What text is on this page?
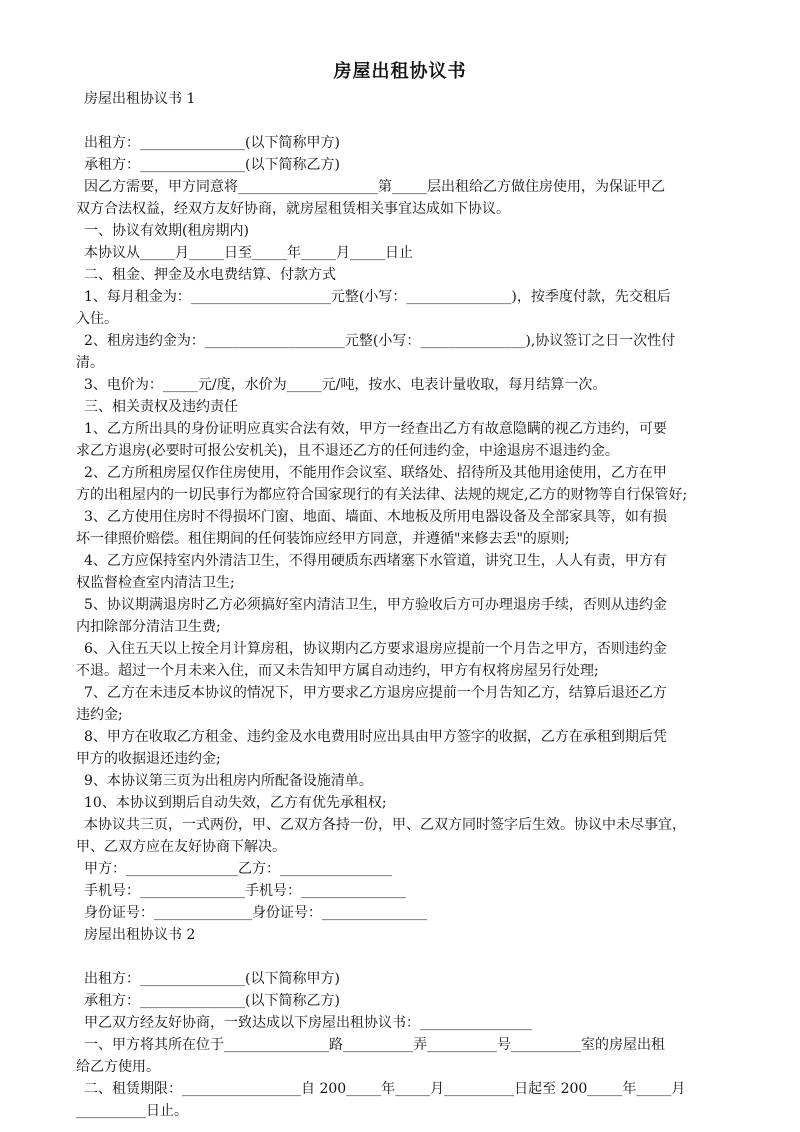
房屋出租协议书
房屋出租协议书 1
出租方：_______________(以下简称甲方)
承租方：_______________(以下简称乙方)
因乙方需要，甲方同意将____________________第_____层出租给乙方做住房使用，为保证甲乙
双方合法权益，经双方友好协商，就房屋租赁相关事宜达成如下协议。
一、协议有效期(租房期内)
本协议从_____月_____日至_____年_____月_____日止
二、租金、押金及水电费结算、付款方式
1、每月租金为：____________________元整(小写：_______________)，按季度付款，先交租后
入住。
2、租房违约金为：____________________元整(小写：_______________),协议签订之日一次性付
清。
3、电价为：_____元/度，水价为_____元/吨，按水、电表计量收取，每月结算一次。
三、相关责权及违约责任
1、乙方所出具的身份证明应真实合法有效，甲方一经查出乙方有故意隐瞒的视乙方违约，可要
求乙方退房(必要时可报公安机关)，且不退还乙方的任何违约金，中途退房不退违约金。
2、乙方所租房屋仅作住房使用，不能用作会议室、联络处、招待所及其他用途使用，乙方在甲
方的出租屋内的一切民事行为都应符合国家现行的有关法律、法规的规定,乙方的财物等自行保管好;
3、乙方使用住房时不得损坏门窗、地面、墙面、木地板及所用电器设备及全部家具等，如有损
坏一律照价赔偿。租住期间的任何装饰应经甲方同意，并遵循"来修去丢"的原则;
4、乙方应保持室内外清洁卫生，不得用硬质东西堵塞下水管道，讲究卫生，人人有责，甲方有
权监督检查室内清洁卫生;
5、协议期满退房时乙方必须搞好室内清洁卫生，甲方验收后方可办理退房手续，否则从违约金
内扣除部分清洁卫生费;
6、入住五天以上按全月计算房租，协议期内乙方要求退房应提前一个月告之甲方，否则违约金
不退。超过一个月未来入住，而又未告知甲方属自动违约，甲方有权将房屋另行处理;
7、乙方在未违反本协议的情况下，甲方要求乙方退房应提前一个月告知乙方，结算后退还乙方
违约金;
8、甲方在收取乙方租金、违约金及水电费用时应出具由甲方签字的收据，乙方在承租到期后凭
甲方的收据退还违约金;
9、本协议第三页为出租房内所配备设施清单。
10、本协议到期后自动失效，乙方有优先承租权;
本协议共三页，一式两份，甲、乙双方各持一份，甲、乙双方同时签字后生效。协议中未尽事宜，
甲、乙双方应在友好协商下解决。
甲方：________________乙方：________________
手机号：_______________手机号：_______________
身份证号：______________身份证号：_______________
房屋出租协议书 2
出租方：_______________(以下简称甲方)
承租方：_______________(以下简称乙方)
甲乙双方经友好协商，一致达成以下房屋出租协议书：________________
一、甲方将其所在位于_______________路__________弄__________号__________室的房屋出租
给乙方使用。
二、租赁期限：_________________自 200_____年_____月__________日起至 200_____年_____月
__________日止。
